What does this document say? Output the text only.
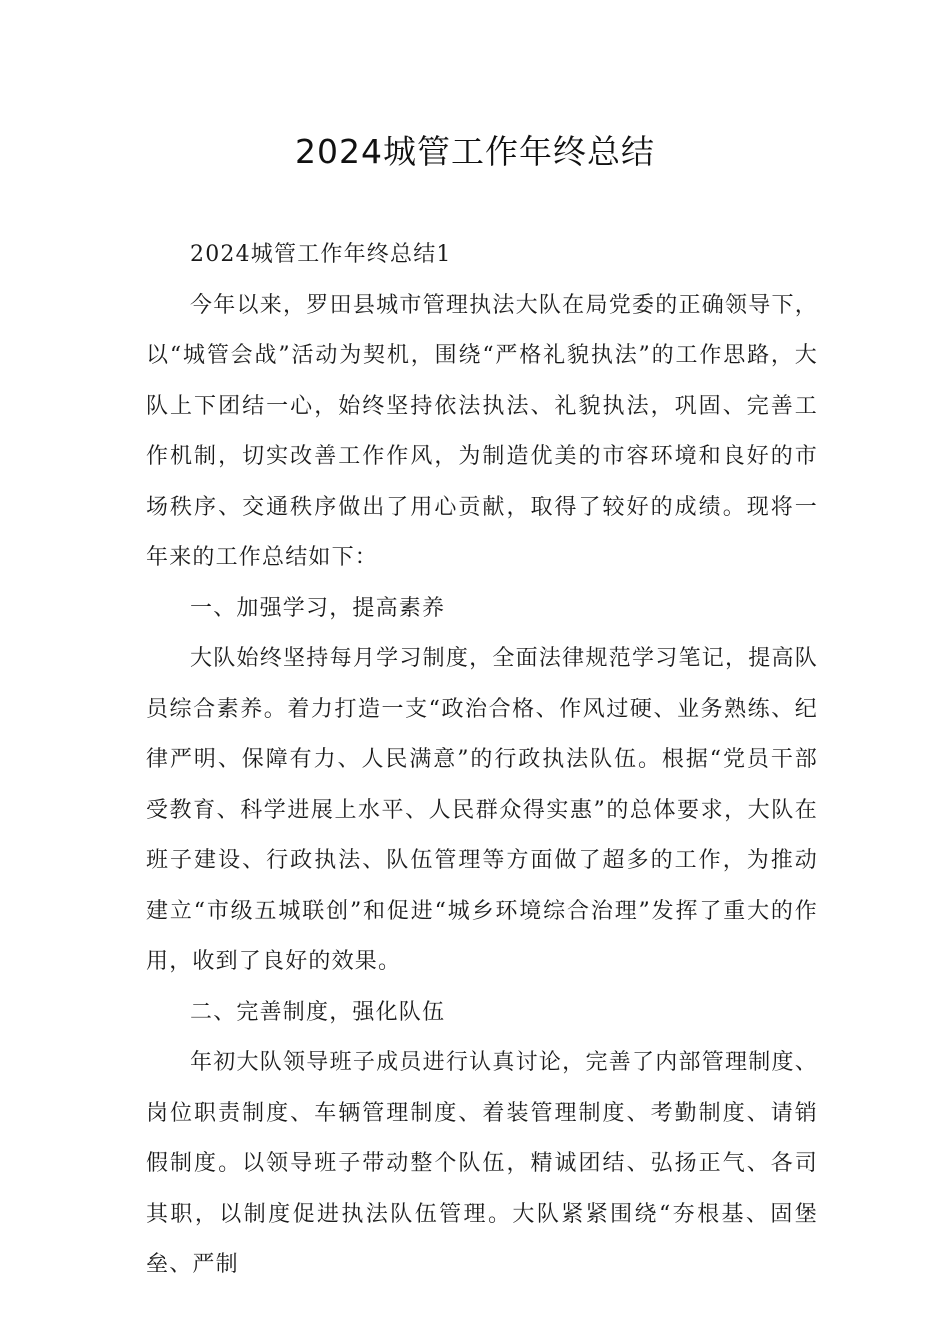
2024城管工作年终总结

2024城管工作年终总结1

今年以来，罗田县城市管理执法大队在局党委的正确领导下，以“城管会战”活动为契机，围绕“严格礼貌执法”的工作思路，大队上下团结一心，始终坚持依法执法、礼貌执法，巩固、完善工作机制，切实改善工作作风，为制造优美的市容环境和良好的市场秩序、交通秩序做出了用心贡献，取得了较好的成绩。现将一年来的工作总结如下：

一、加强学习，提高素养

大队始终坚持每月学习制度，全面法律规范学习笔记，提高队员综合素养。着力打造一支“政治合格、作风过硬、业务熟练、纪律严明、保障有力、人民满意”的行政执法队伍。根据“党员干部受教育、科学进展上水平、人民群众得实惠”的总体要求，大队在班子建设、行政执法、队伍管理等方面做了超多的工作，为推动建立“市级五城联创”和促进“城乡环境综合治理”发挥了重大的作用，收到了良好的效果。

二、完善制度，强化队伍

年初大队领导班子成员进行认真讨论，完善了内部管理制度、岗位职责制度、车辆管理制度、着装管理制度、考勤制度、请销假制度。以领导班子带动整个队伍，精诚团结、弘扬正气、各司其职，以制度促进执法队伍管理。大队紧紧围绕“夯根基、固堡垒、严制
